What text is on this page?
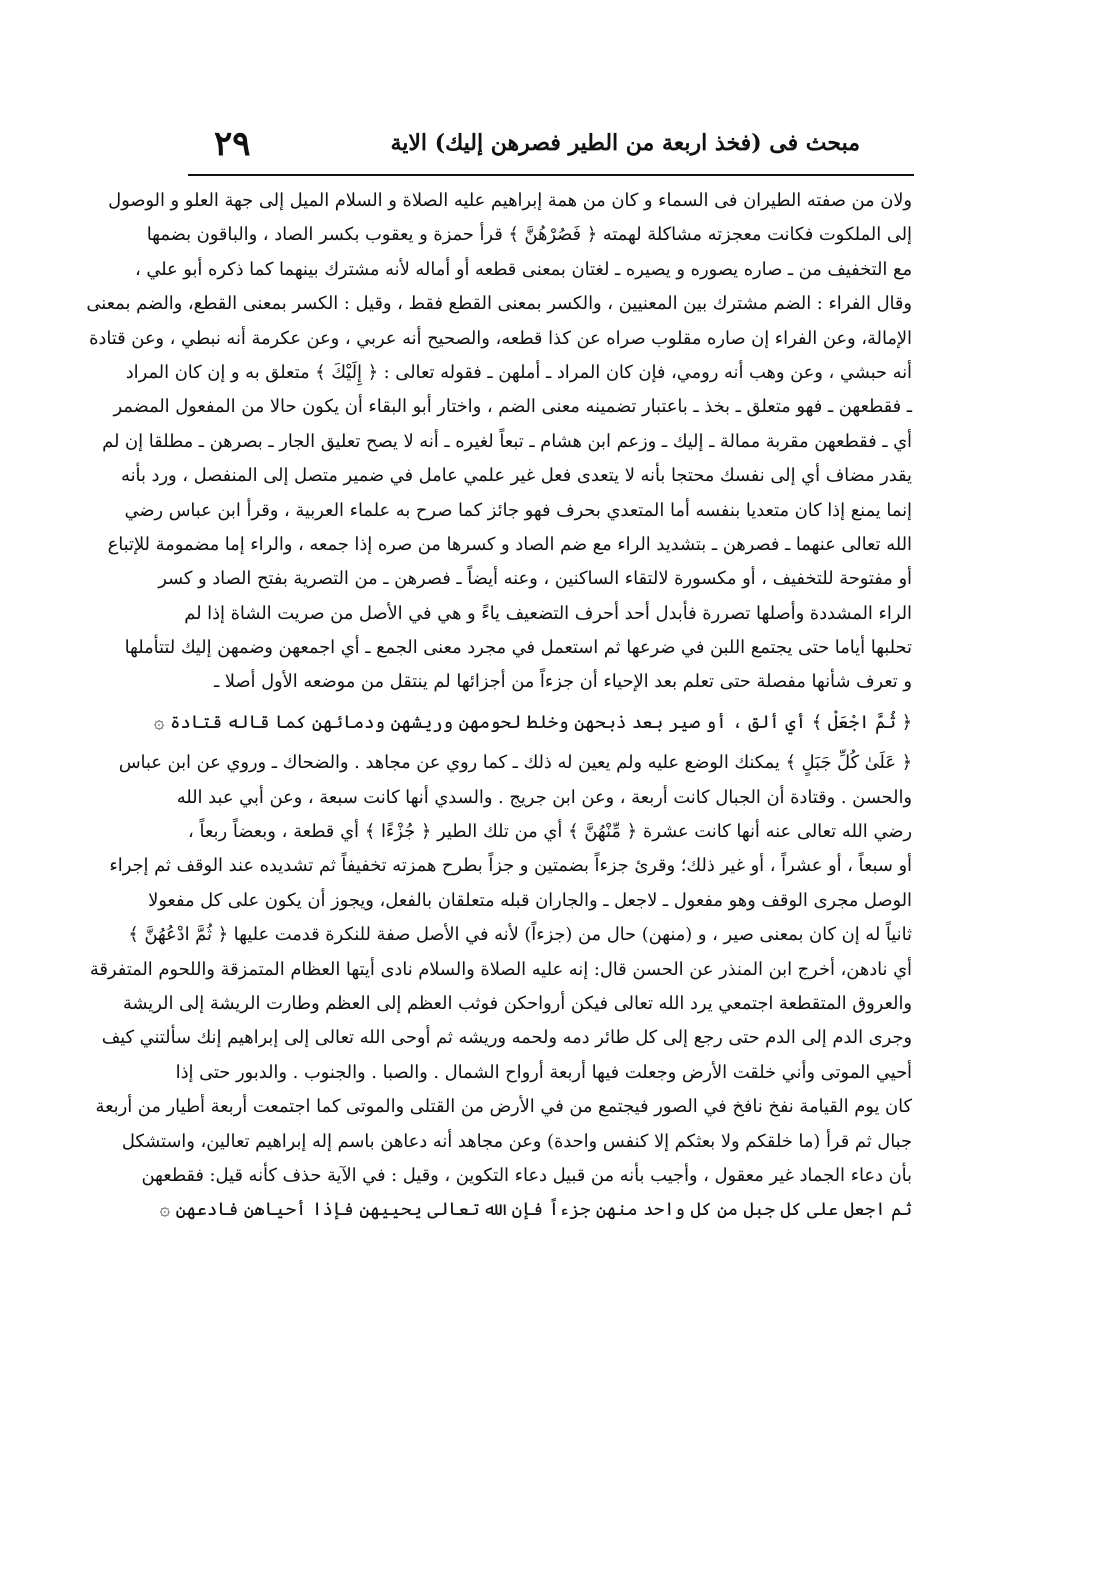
مبحث فى (فخذ اربعة من الطير فصرهن إليك) الاية
٢٩
ولان من صفته الطيران فى السماء و كان من همة إبراهيم عليه الصلاة و السلام الميل إلى جهة العلو و الوصول
إلى الملكوت فكانت معجزته مشاكلة لهمته ﴿ فَصُرْهُنَّ ﴾ قرأ حمزة و يعقوب بكسر الصاد ، والباقون بضمها
مع التخفيف من ـ صاره يصوره و يصيره ـ لغتان بمعنى قطعه أو أماله لأنه مشترك بينهما كما ذكره أبو علي ،
وقال الفراء : الضم مشترك بين المعنيين ، والكسر بمعنى القطع فقط ، وقيل : الكسر بمعنى القطع، والضم بمعنى
الإمالة، وعن الفراء إن صاره مقلوب صراه عن كذا قطعه، والصحيح أنه عربي ، وعن عكرمة أنه نبطي ، وعن قتادة
أنه حبشي ، وعن وهب أنه رومي، فإن كان المراد ـ أملهن ـ فقوله تعالى : ﴿ إِلَيْكَ ﴾ متعلق به و إن كان المراد
ـ فقطعهن ـ فهو متعلق ـ بخذ ـ باعتبار تضمينه معنى الضم ، واختار أبو البقاء أن يكون حالا من المفعول المضمر
أي ـ فقطعهن مقربة ممالة ـ إليك ـ وزعم ابن هشام ـ تبعاً لغيره ـ أنه لا يصح تعليق الجار ـ بصرهن ـ مطلقا إن لم
يقدر مضاف أي إلى نفسك محتجا بأنه لا يتعدى فعل غير علمي عامل في ضمير متصل إلى المنفصل ، ورد بأنه
إنما يمنع إذا كان متعديا بنفسه أما المتعدي بحرف فهو جائز كما صرح به علماء العربية ، وقرأ ابن عباس رضي
الله تعالى عنهما ـ فصرهن ـ بتشديد الراء مع ضم الصاد و كسرها من صره إذا جمعه ، والراء إما مضمومة للإتباع
أو مفتوحة للتخفيف ، أو مكسورة لالتقاء الساكنين ، وعنه أيضاً ـ فصرهن ـ من التصرية بفتح الصاد و كسر
الراء المشددة وأصلها تصررة فأبدل أحد أحرف التضعيف ياءً و هي في الأصل من صريت الشاة إذا لم
تحلبها أياما حتى يجتمع اللبن في ضرعها ثم استعمل في مجرد معنى الجمع ـ أي اجمعهن وضمهن إليك لتتأملها
و تعرف شأنها مفصلة حتى تعلم بعد الإحياء أن جزءاً من أجزائها لم ينتقل من موضعه الأول أصلا ـ
﴿ ثُمَّ اجْعَلْ ﴾ أي ألق ، أو صير بعد ذبحهن وخلط لحومهن وريشهن ودمائهن كما قاله قتادة ۞
﴿ عَلَىٰ كُلِّ جَبَلٍ ﴾ يمكنك الوضع عليه ولم يعين له ذلك ـ كما روي عن مجاهد . والضحاك ـ وروي عن ابن عباس
والحسن . وقتادة أن الجبال كانت أربعة ، وعن ابن جريج . والسدي أنها كانت سبعة ، وعن أبي عبد الله
رضي الله تعالى عنه أنها كانت عشرة ﴿ مِّنْهُنَّ ﴾ أي من تلك الطير ﴿ جُزْءًا ﴾ أي قطعة ، وبعضاً ربعاً ،
أو سبعاً ، أو عشراً ، أو غير ذلك؛ وقرئ جزءاً بضمتين و جزاً بطرح همزته تخفيفاً ثم تشديده عند الوقف ثم إجراء
الوصل مجرى الوقف وهو مفعول ـ لاجعل ـ والجاران قبله متعلقان بالفعل، ويجوز أن يكون على كل مفعولا
ثانياً له إن كان بمعنى صير ، و (منهن) حال من (جزءاً) لأنه في الأصل صفة للنكرة قدمت عليها ﴿ ثُمَّ ادْعُهُنَّ ﴾
أي نادهن، أخرج ابن المنذر عن الحسن قال: إنه عليه الصلاة والسلام نادى أيتها العظام المتمزقة واللحوم المتفرقة
والعروق المتقطعة اجتمعي يرد الله تعالى فيكن أرواحكن فوثب العظم إلى العظم وطارت الريشة إلى الريشة
وجرى الدم إلى الدم حتى رجع إلى كل طائر دمه ولحمه وريشه ثم أوحى الله تعالى إلى إبراهيم إنك سألتني كيف
أحيي الموتى وأني خلقت الأرض وجعلت فيها أربعة أرواح الشمال . والصبا . والجنوب . والدبور حتى إذا
كان يوم القيامة نفخ نافخ في الصور فيجتمع من في الأرض من القتلى والموتى كما اجتمعت أربعة أطيار من أربعة
جبال ثم قرأ (ما خلقكم ولا بعثكم إلا كنفس واحدة) وعن مجاهد أنه دعاهن باسم إله إبراهيم تعالين، واستشكل
بأن دعاء الجماد غير معقول ، وأجيب بأنه من قبيل دعاء التكوين ، وقيل : في الآية حذف كأنه قيل: فقطعهن
ثم اجعل على كل جبل من كل واحد منهن جزءاً فإن الله تعالى يحييهن فإذا أحياهن فادعهن ۞
